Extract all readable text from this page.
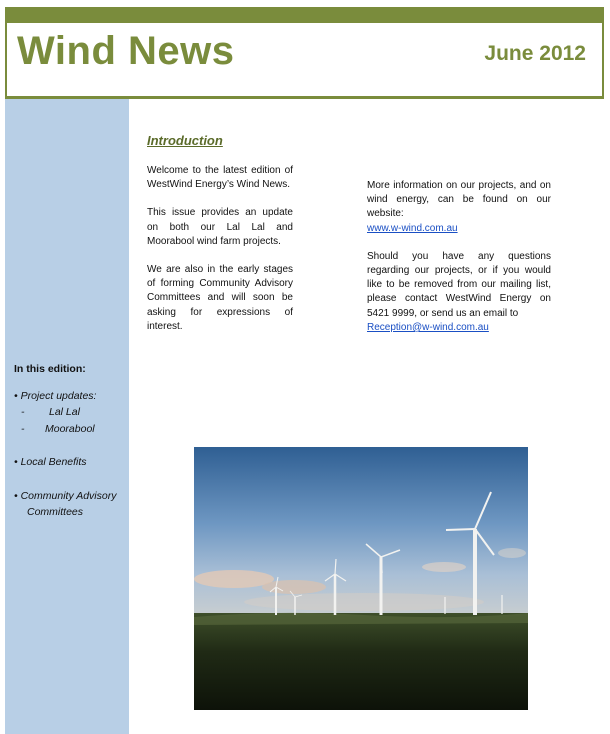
Wind News	June 2012
In this edition:
• Project updates:
- Lal Lal
- Moorabool
• Local Benefits
• Community Advisory
Committees
Introduction

Welcome to the latest edition of WestWind Energy’s Wind News.

This issue provides an update on both our Lal Lal and Moorabool wind farm projects.

We are also in the early stages of forming Community Advisory Committees and will soon be asking for expressions of interest.

More information on our projects, and on wind energy, can be found on our website:
www.w-wind.com.au

Should you have any questions regarding our projects, or if you would like to be removed from our mailing list, please contact WestWind Energy on 5421 9999, or send us an email to
Reception@w-wind.com.au
